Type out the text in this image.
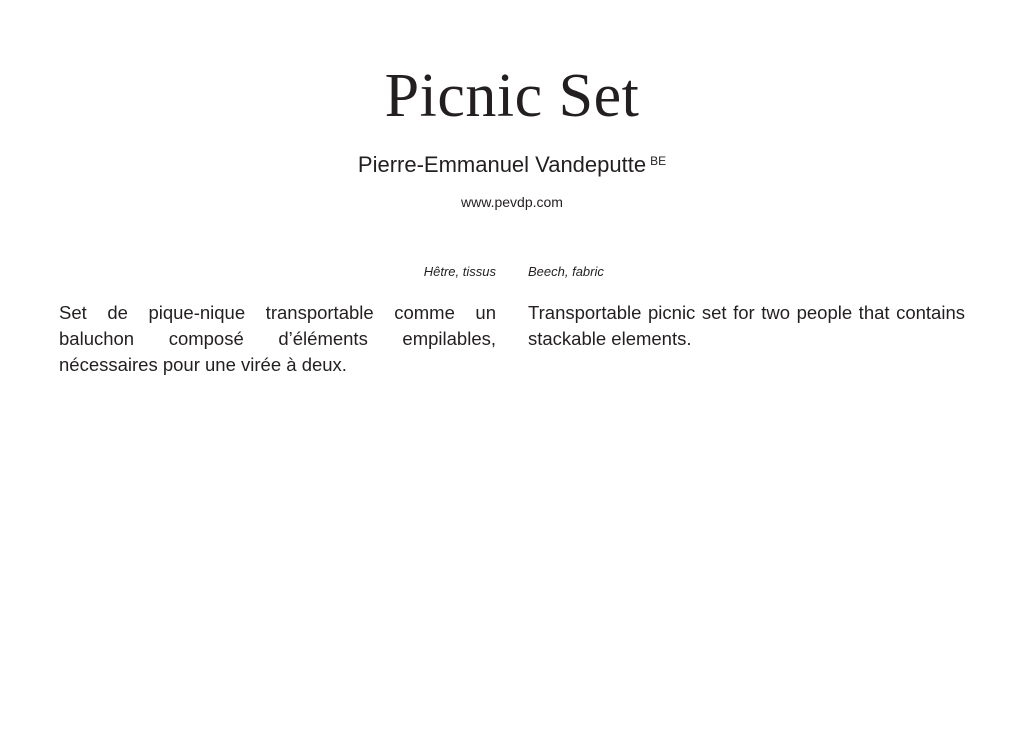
Picnic Set
Pierre-Emmanuel Vandeputte $^{BE}$
www.pevdp.com
Hêtre, tissus Beech, fabric
Set de pique-nique transportable comme un baluchon composé d’éléments empilables, nécessaires pour une virée à deux.
Transportable picnic set for two people that contains stackable elements.
